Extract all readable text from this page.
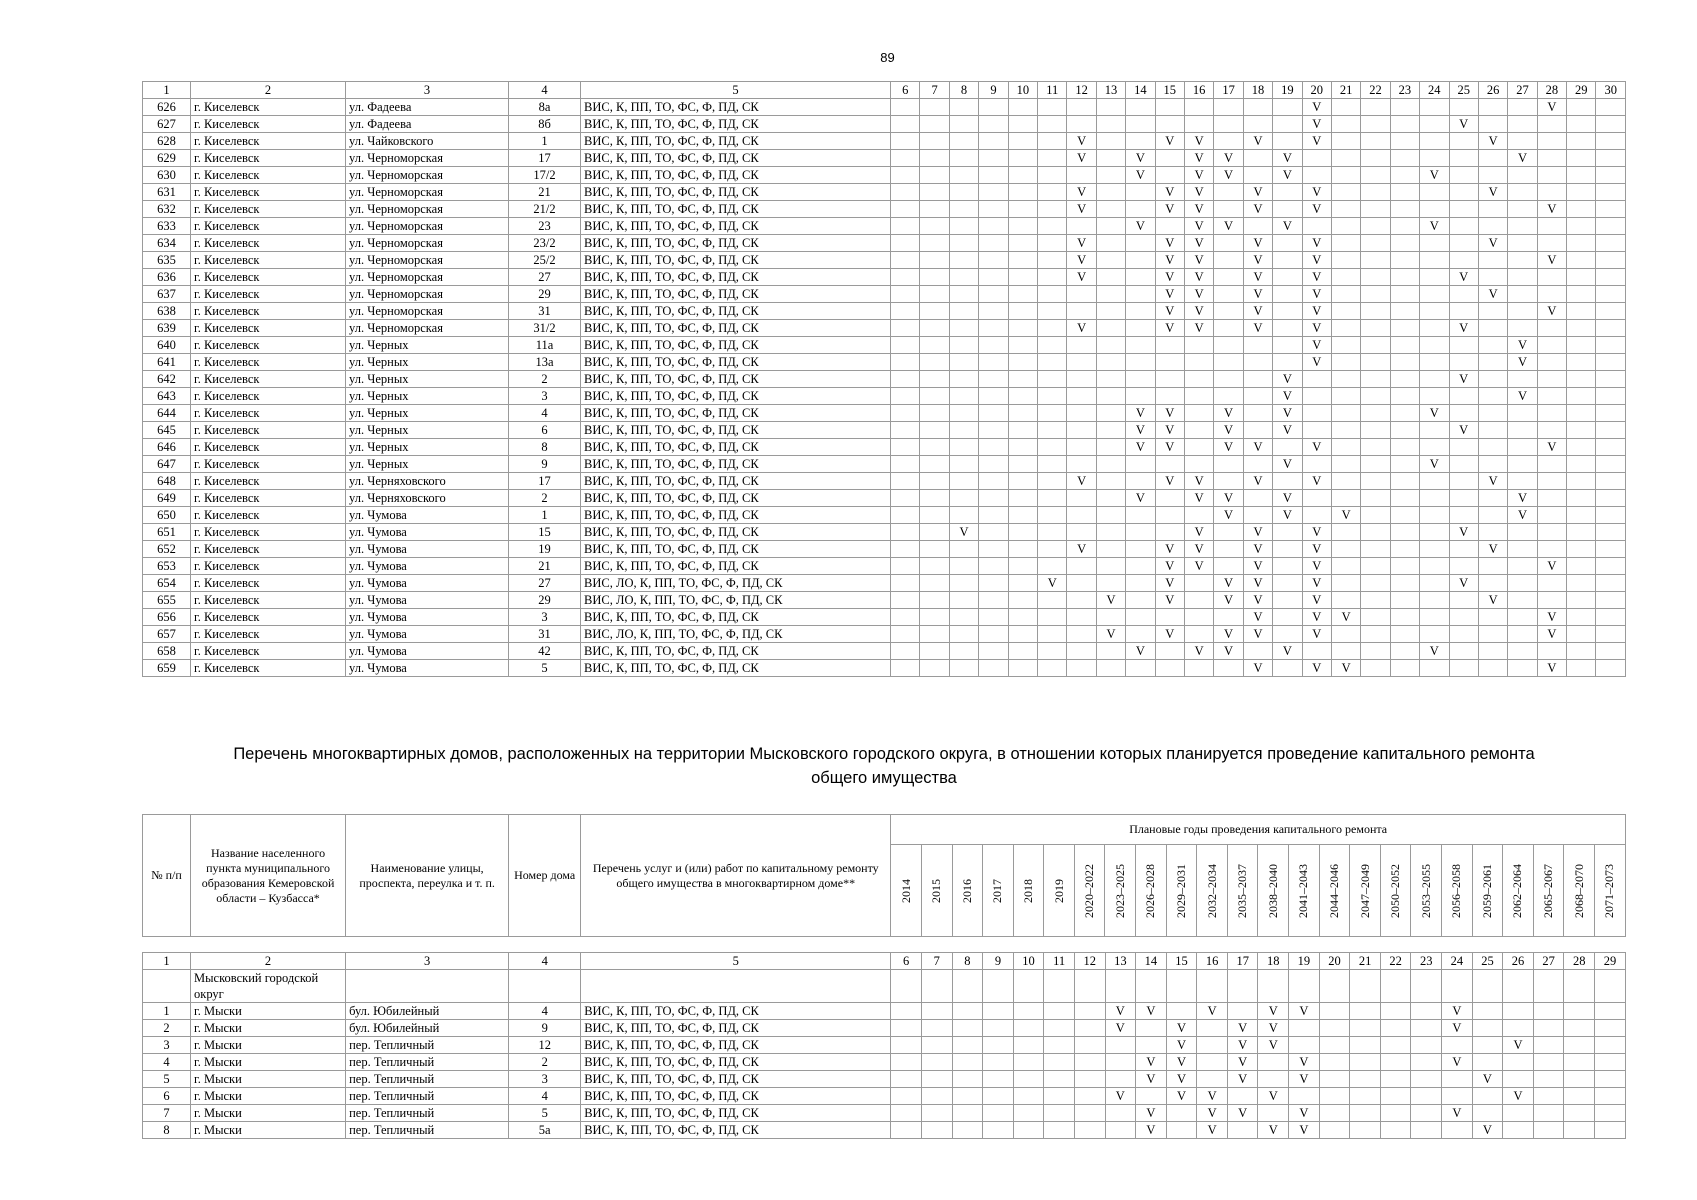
89
1	2	3	4	5	6	7	8	9	10	11	12	13	14	15	16	17	18	19	20	21	22	23	24	25	26	27	28	29	30
626	г. Киселевск	ул. Фадеева	8а	ВИС, К, ПП, ТО, ФС, Ф, ПД, СК															V								V		
627	г. Киселевск	ул. Фадеева	8б	ВИС, К, ПП, ТО, ФС, Ф, ПД, СК															V					V					
628	г. Киселевск	ул. Чайковского	1	ВИС, К, ПП, ТО, ФС, Ф, ПД, СК							V			V	V		V		V						V				
629	г. Киселевск	ул. Черноморская	17	ВИС, К, ПП, ТО, ФС, Ф, ПД, СК							V		V		V	V		V								V			
630	г. Киселевск	ул. Черноморская	17/2	ВИС, К, ПП, ТО, ФС, Ф, ПД, СК									V		V	V		V					V						
631	г. Киселевск	ул. Черноморская	21	ВИС, К, ПП, ТО, ФС, Ф, ПД, СК							V			V	V		V		V						V				
632	г. Киселевск	ул. Черноморская	21/2	ВИС, К, ПП, ТО, ФС, Ф, ПД, СК							V			V	V		V		V								V		
633	г. Киселевск	ул. Черноморская	23	ВИС, К, ПП, ТО, ФС, Ф, ПД, СК									V		V	V		V					V						
634	г. Киселевск	ул. Черноморская	23/2	ВИС, К, ПП, ТО, ФС, Ф, ПД, СК							V			V	V		V		V						V				
635	г. Киселевск	ул. Черноморская	25/2	ВИС, К, ПП, ТО, ФС, Ф, ПД, СК							V			V	V		V		V								V		
636	г. Киселевск	ул. Черноморская	27	ВИС, К, ПП, ТО, ФС, Ф, ПД, СК							V			V	V		V		V					V					
637	г. Киселевск	ул. Черноморская	29	ВИС, К, ПП, ТО, ФС, Ф, ПД, СК										V	V		V		V						V				
638	г. Киселевск	ул. Черноморская	31	ВИС, К, ПП, ТО, ФС, Ф, ПД, СК										V	V		V		V								V		
639	г. Киселевск	ул. Черноморская	31/2	ВИС, К, ПП, ТО, ФС, Ф, ПД, СК							V			V	V		V		V					V					
640	г. Киселевск	ул. Черных	11а	ВИС, К, ПП, ТО, ФС, Ф, ПД, СК															V							V			
641	г. Киселевск	ул. Черных	13а	ВИС, К, ПП, ТО, ФС, Ф, ПД, СК															V							V			
642	г. Киселевск	ул. Черных	2	ВИС, К, ПП, ТО, ФС, Ф, ПД, СК														V						V					
643	г. Киселевск	ул. Черных	3	ВИС, К, ПП, ТО, ФС, Ф, ПД, СК														V								V			
644	г. Киселевск	ул. Черных	4	ВИС, К, ПП, ТО, ФС, Ф, ПД, СК									V	V		V		V					V						
645	г. Киселевск	ул. Черных	6	ВИС, К, ПП, ТО, ФС, Ф, ПД, СК									V	V		V		V						V					
646	г. Киселевск	ул. Черных	8	ВИС, К, ПП, ТО, ФС, Ф, ПД, СК									V	V		V	V		V								V		
647	г. Киселевск	ул. Черных	9	ВИС, К, ПП, ТО, ФС, Ф, ПД, СК														V					V						
648	г. Киселевск	ул. Черняховского	17	ВИС, К, ПП, ТО, ФС, Ф, ПД, СК							V			V	V		V		V						V				
649	г. Киселевск	ул. Черняховского	2	ВИС, К, ПП, ТО, ФС, Ф, ПД, СК									V		V	V		V								V			
650	г. Киселевск	ул. Чумова	1	ВИС, К, ПП, ТО, ФС, Ф, ПД, СК												V		V		V						V			
651	г. Киселевск	ул. Чумова	15	ВИС, К, ПП, ТО, ФС, Ф, ПД, СК			V								V		V		V					V					
652	г. Киселевск	ул. Чумова	19	ВИС, К, ПП, ТО, ФС, Ф, ПД, СК							V			V	V		V		V						V				
653	г. Киселевск	ул. Чумова	21	ВИС, К, ПП, ТО, ФС, Ф, ПД, СК										V	V		V		V								V		
654	г. Киселевск	ул. Чумова	27	ВИС, ЛО, К, ПП, ТО, ФС, Ф, ПД, СК						V				V		V	V		V					V					
655	г. Киселевск	ул. Чумова	29	ВИС, ЛО, К, ПП, ТО, ФС, Ф, ПД, СК								V		V		V	V		V						V				
656	г. Киселевск	ул. Чумова	3	ВИС, К, ПП, ТО, ФС, Ф, ПД, СК													V		V	V							V		
657	г. Киселевск	ул. Чумова	31	ВИС, ЛО, К, ПП, ТО, ФС, Ф, ПД, СК								V		V		V	V		V								V		
658	г. Киселевск	ул. Чумова	42	ВИС, К, ПП, ТО, ФС, Ф, ПД, СК									V		V	V		V					V						
659	г. Киселевск	ул. Чумова	5	ВИС, К, ПП, ТО, ФС, Ф, ПД, СК													V		V	V							V		
Перечень многоквартирных домов, расположенных на территории Мысковского городского округа, в отношении которых планируется проведение капитального ремонта
общего имущества
№ п/п	Название населенного пункта муниципального образования Кемеровской области – Кузбасса*	Наименование улицы, проспекта, переулка и т. п.	Номер дома	Перечень услуг и (или) работ по капитальному ремонту общего имущества в многоквартирном доме**	Плановые годы проведения капитального ремонта																							

					2014	2015	2016	2017	2018	2019	2020–2022	2023–2025	2026–2028	2029–2031	2032–2034	2035–2037	2038–2040	2041–2043	2044–2046	2047–2049	2050–2052	2053–2055	2056–2058	2059–2061	2062–2064	2065–2067	2068–2070	2071–2073
1	2	3	4	5	6	7	8	9	10	11	12	13	14	15	16	17	18	19	20	21	22	23	24	25	26	27	28	29
	Мысковский городской округ																											
1	г. Мыски	бул. Юбилейный	4	ВИС, К, ПП, ТО, ФС, Ф, ПД, СК								V	V		V		V	V					V					
2	г. Мыски	бул. Юбилейный	9	ВИС, К, ПП, ТО, ФС, Ф, ПД, СК								V		V		V	V						V					
3	г. Мыски	пер. Тепличный	12	ВИС, К, ПП, ТО, ФС, Ф, ПД, СК										V		V	V								V			
4	г. Мыски	пер. Тепличный	2	ВИС, К, ПП, ТО, ФС, Ф, ПД, СК									V	V		V		V					V					
5	г. Мыски	пер. Тепличный	3	ВИС, К, ПП, ТО, ФС, Ф, ПД, СК									V	V		V		V						V				
6	г. Мыски	пер. Тепличный	4	ВИС, К, ПП, ТО, ФС, Ф, ПД, СК								V		V	V		V								V			
7	г. Мыски	пер. Тепличный	5	ВИС, К, ПП, ТО, ФС, Ф, ПД, СК									V		V	V		V					V					
8	г. Мыски	пер. Тепличный	5а	ВИС, К, ПП, ТО, ФС, Ф, ПД, СК									V		V		V	V						V				
